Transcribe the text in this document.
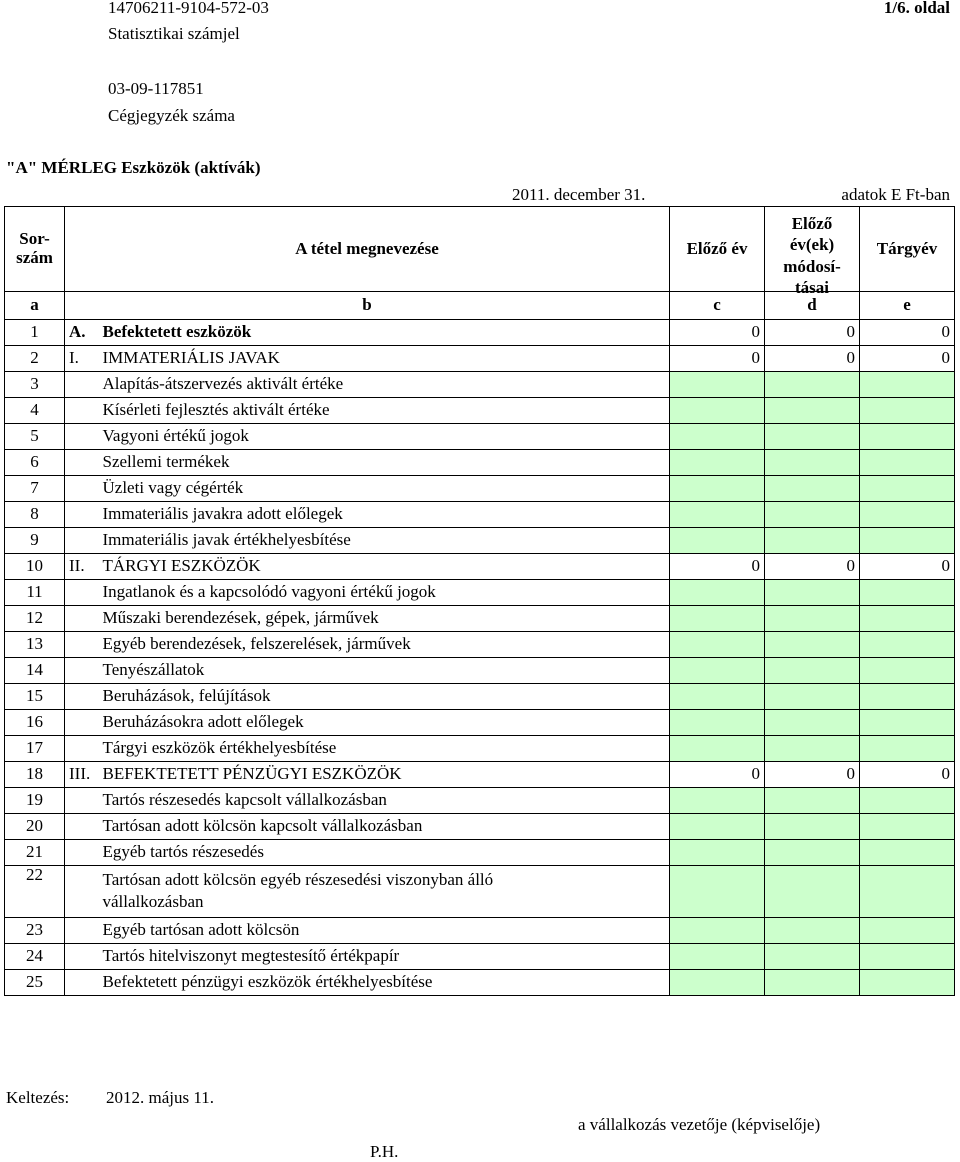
14706211-9104-572-03
Statisztikai számjel
1/6. oldal
03-09-117851
Cégjegyzék száma
"A" MÉRLEG Eszközök (aktívák)
2011. december 31.	adatok E Ft-ban
Sor-
szám	A tétel megnevezése		Előző év	Előző
év(ek)
módosí-
tásai	Tárgyév
a	b		c	d	e
1	A.	Befektetett eszközök	0	0	0
2	I.	IMMATERIÁLIS JAVAK	0	0	0
3		Alapítás-átszervezés aktivált értéke			
4		Kísérleti fejlesztés aktivált értéke			
5		Vagyoni értékű jogok			
6		Szellemi termékek			
7		Üzleti vagy cégérték			
8		Immateriális javakra adott előlegek			
9		Immateriális javak értékhelyesbítése			
10	II.	TÁRGYI ESZKÖZÖK	0	0	0
11		Ingatlanok és a kapcsolódó vagyoni értékű jogok			
12		Műszaki berendezések, gépek, járművek			
13		Egyéb berendezések, felszerelések, járművek			
14		Tenyészállatok			
15		Beruházások, felújítások			
16		Beruházásokra adott előlegek			
17		Tárgyi eszközök értékhelyesbítése			
18	III.	BEFEKTETETT PÉNZÜGYI ESZKÖZÖK	0	0	0
19		Tartós részesedés kapcsolt vállalkozásban			
20		Tartósan adott kölcsön kapcsolt vállalkozásban			
21		Egyéb tartós részesedés			
22		Tartósan adott kölcsön egyéb részesedési viszonyban álló
vállalkozásban			

23		Egyéb tartósan adott kölcsön			
24		Tartós hitelviszonyt megtestesítő értékpapír			
25		Befektetett pénzügyi eszközök értékhelyesbítése			
Keltezés: 2012. május 11.
a vállalkozás vezetője (képviselője)
P.H.
